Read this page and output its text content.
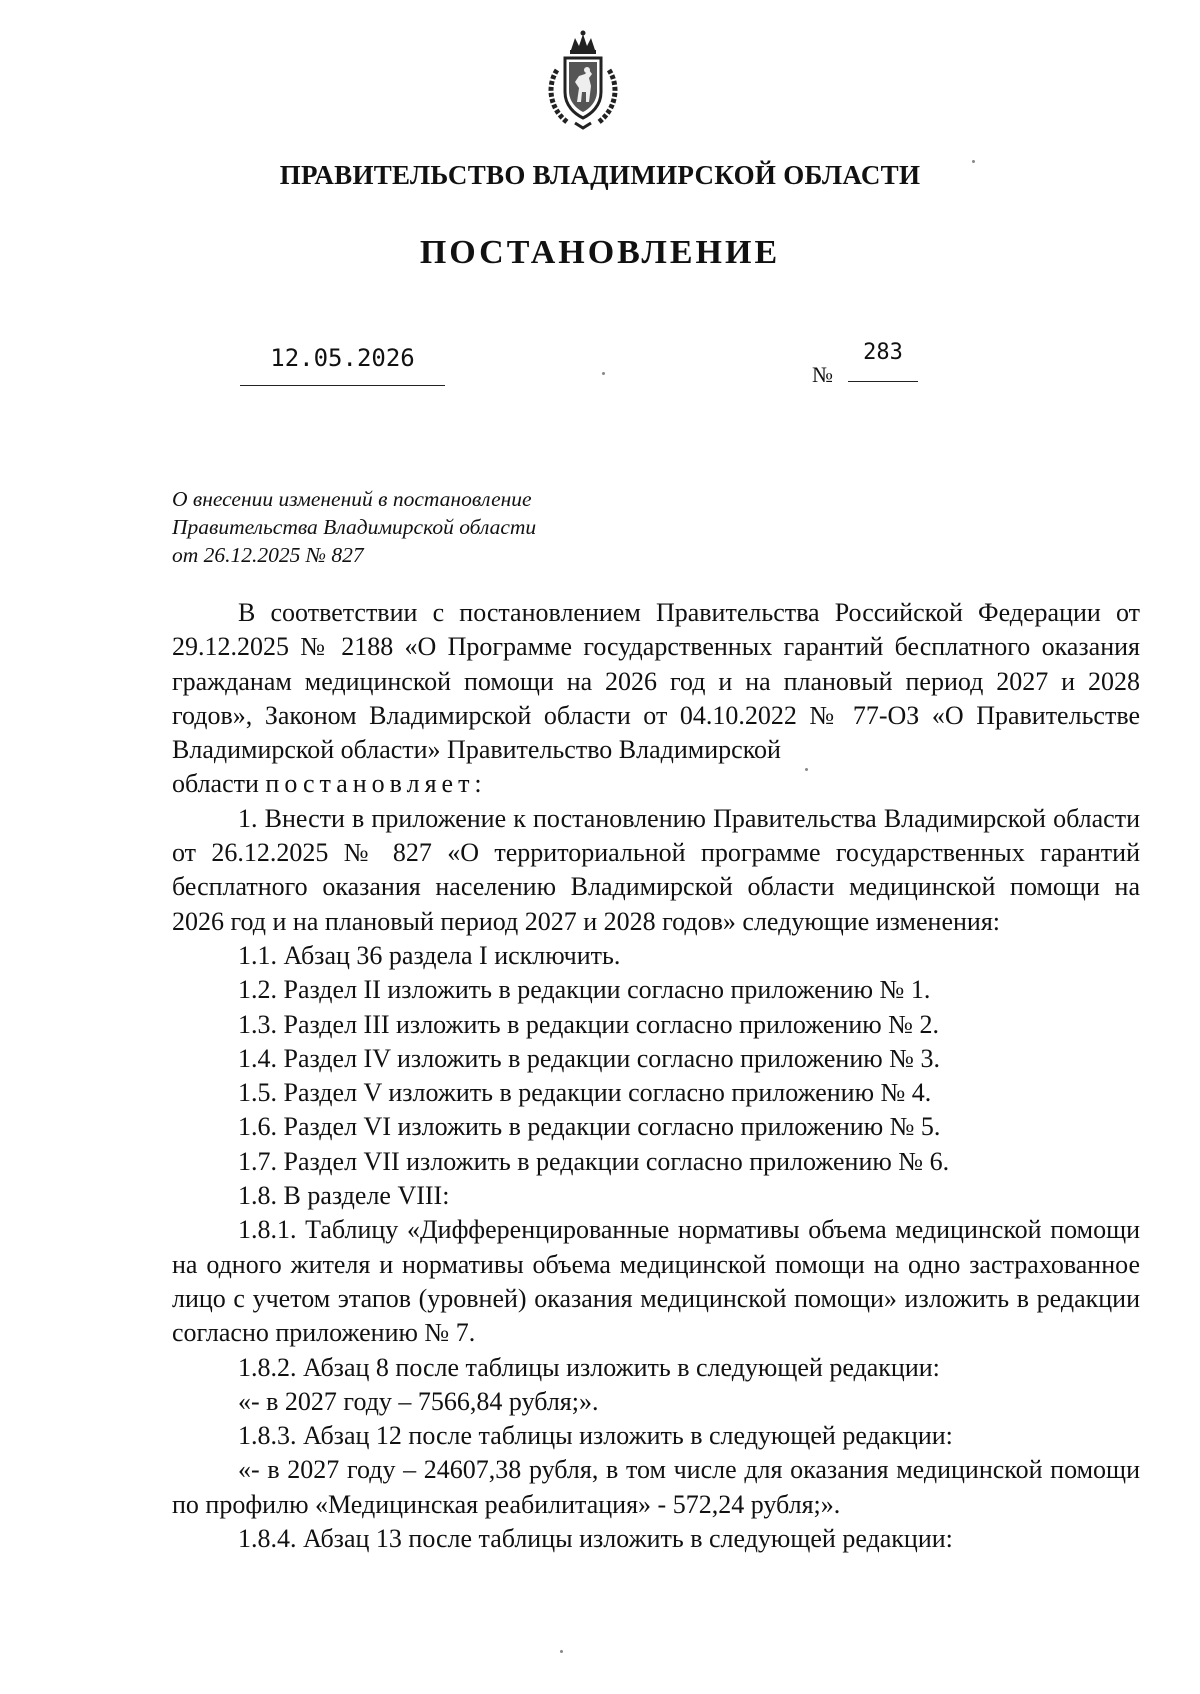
ПРАВИТЕЛЬСТВО ВЛАДИМИРСКОЙ ОБЛАСТИ
ПОСТАНОВЛЕНИЕ
12.05.2026
№
283
О внесении изменений в постановление
Правительства Владимирской области
от 26.12.2025 № 827

В соответствии с постановлением Правительства Российской Федерации от 29.12.2025 № 2188 «О Программе государственных гарантий бесплатного оказания гражданам медицинской помощи на 2026 год и на плановый период 2027 и 2028 годов», Законом Владимирской области от 04.10.2022 № 77-ОЗ «О Правительстве Владимирской области» Правительство Владимирской
области постановляет:

1. Внести в приложение к постановлению Правительства Владимирской области от 26.12.2025 № 827 «О территориальной программе государственных гарантий бесплатного оказания населению Владимирской области медицинской помощи на 2026 год и на плановый период 2027 и 2028 годов» следующие изменения:

1.1. Абзац 36 раздела I исключить.

1.2. Раздел II изложить в редакции согласно приложению № 1.

1.3. Раздел III изложить в редакции согласно приложению № 2.

1.4. Раздел IV изложить в редакции согласно приложению № 3.

1.5. Раздел V изложить в редакции согласно приложению № 4.

1.6. Раздел VI изложить в редакции согласно приложению № 5.

1.7. Раздел VII изложить в редакции согласно приложению № 6.

1.8. В разделе VIII:

1.8.1. Таблицу «Дифференцированные нормативы объема медицинской помощи на одного жителя и нормативы объема медицинской помощи на одно застрахованное лицо с учетом этапов (уровней) оказания медицинской помощи» изложить в редакции согласно приложению № 7.

1.8.2. Абзац 8 после таблицы изложить в следующей редакции:

«- в 2027 году – 7566,84 рубля;».

1.8.3. Абзац 12 после таблицы изложить в следующей редакции:

«- в 2027 году – 24607,38 рубля, в том числе для оказания медицинской помощи по профилю «Медицинская реабилитация» - 572,24 рубля;».

1.8.4. Абзац 13 после таблицы изложить в следующей редакции:
